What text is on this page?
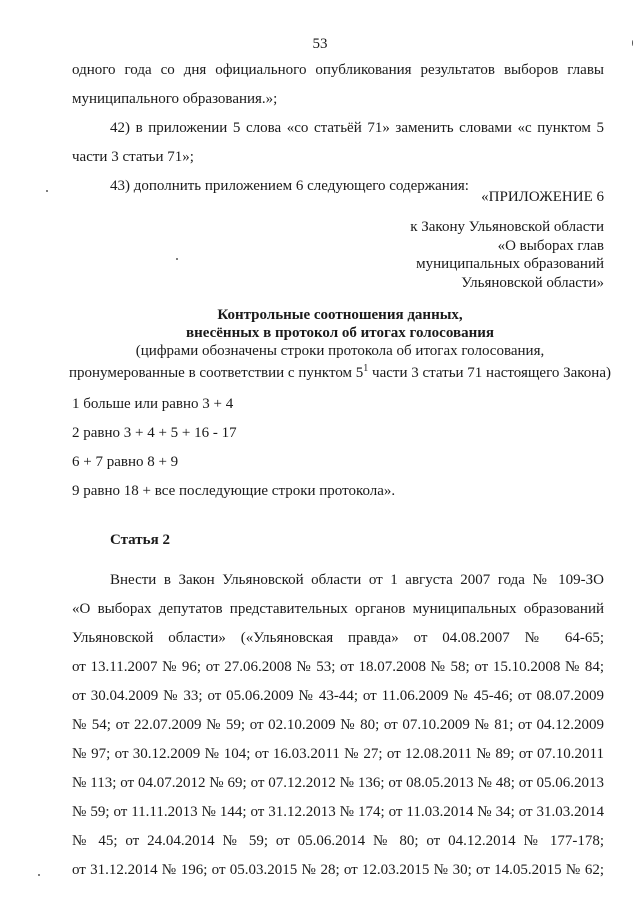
53
одного года со дня официального опубликования результатов выборов главы
муниципального образования.»;
42) в приложении 5 слова «со статьёй 71» заменить словами «с пунктом 5
части 3 статьи 71»;
43) дополнить приложением 6 следующего содержания:
«ПРИЛОЖЕНИЕ 6
к Закону Ульяновской области
«О выборах глав
муниципальных образований
Ульяновской области»
Контрольные соотношения данных,
внесённых в протокол об итогах голосования
(цифрами обозначены строки протокола об итогах голосования,
пронумерованные в соответствии с пунктом $5^1$ части 3 статьи 71 настоящего Закона)
1 больше или равно 3 + 4
2 равно 3 + 4 + 5 + 16 - 17
6 + 7 равно 8 + 9
9 равно 18 + все последующие строки протокола».
Статья 2
Внести в Закон Ульяновской области от 1 августа 2007 года № 109-ЗО
«О выборах депутатов представительных органов муниципальных образований
Ульяновской области» («Ульяновская правда» от 04.08.2007 № 64-65;
от 13.11.2007 № 96; от 27.06.2008 № 53; от 18.07.2008 № 58; от 15.10.2008 № 84;
от 30.04.2009 № 33; от 05.06.2009 № 43-44; от 11.06.2009 № 45-46; от 08.07.2009
№ 54; от 22.07.2009 № 59; от 02.10.2009 № 80; от 07.10.2009 № 81; от 04.12.2009
№ 97; от 30.12.2009 № 104; от 16.03.2011 № 27; от 12.08.2011 № 89; от 07.10.2011
№ 113; от 04.07.2012 № 69; от 07.12.2012 № 136; от 08.05.2013 № 48; от 05.06.2013
№ 59; от 11.11.2013 № 144; от 31.12.2013 № 174; от 11.03.2014 № 34; от 31.03.2014
№ 45; от 24.04.2014 № 59; от 05.06.2014 № 80; от 04.12.2014 № 177-178;
от 31.12.2014 № 196; от 05.03.2015 № 28; от 12.03.2015 № 30; от 14.05.2015 № 62;
